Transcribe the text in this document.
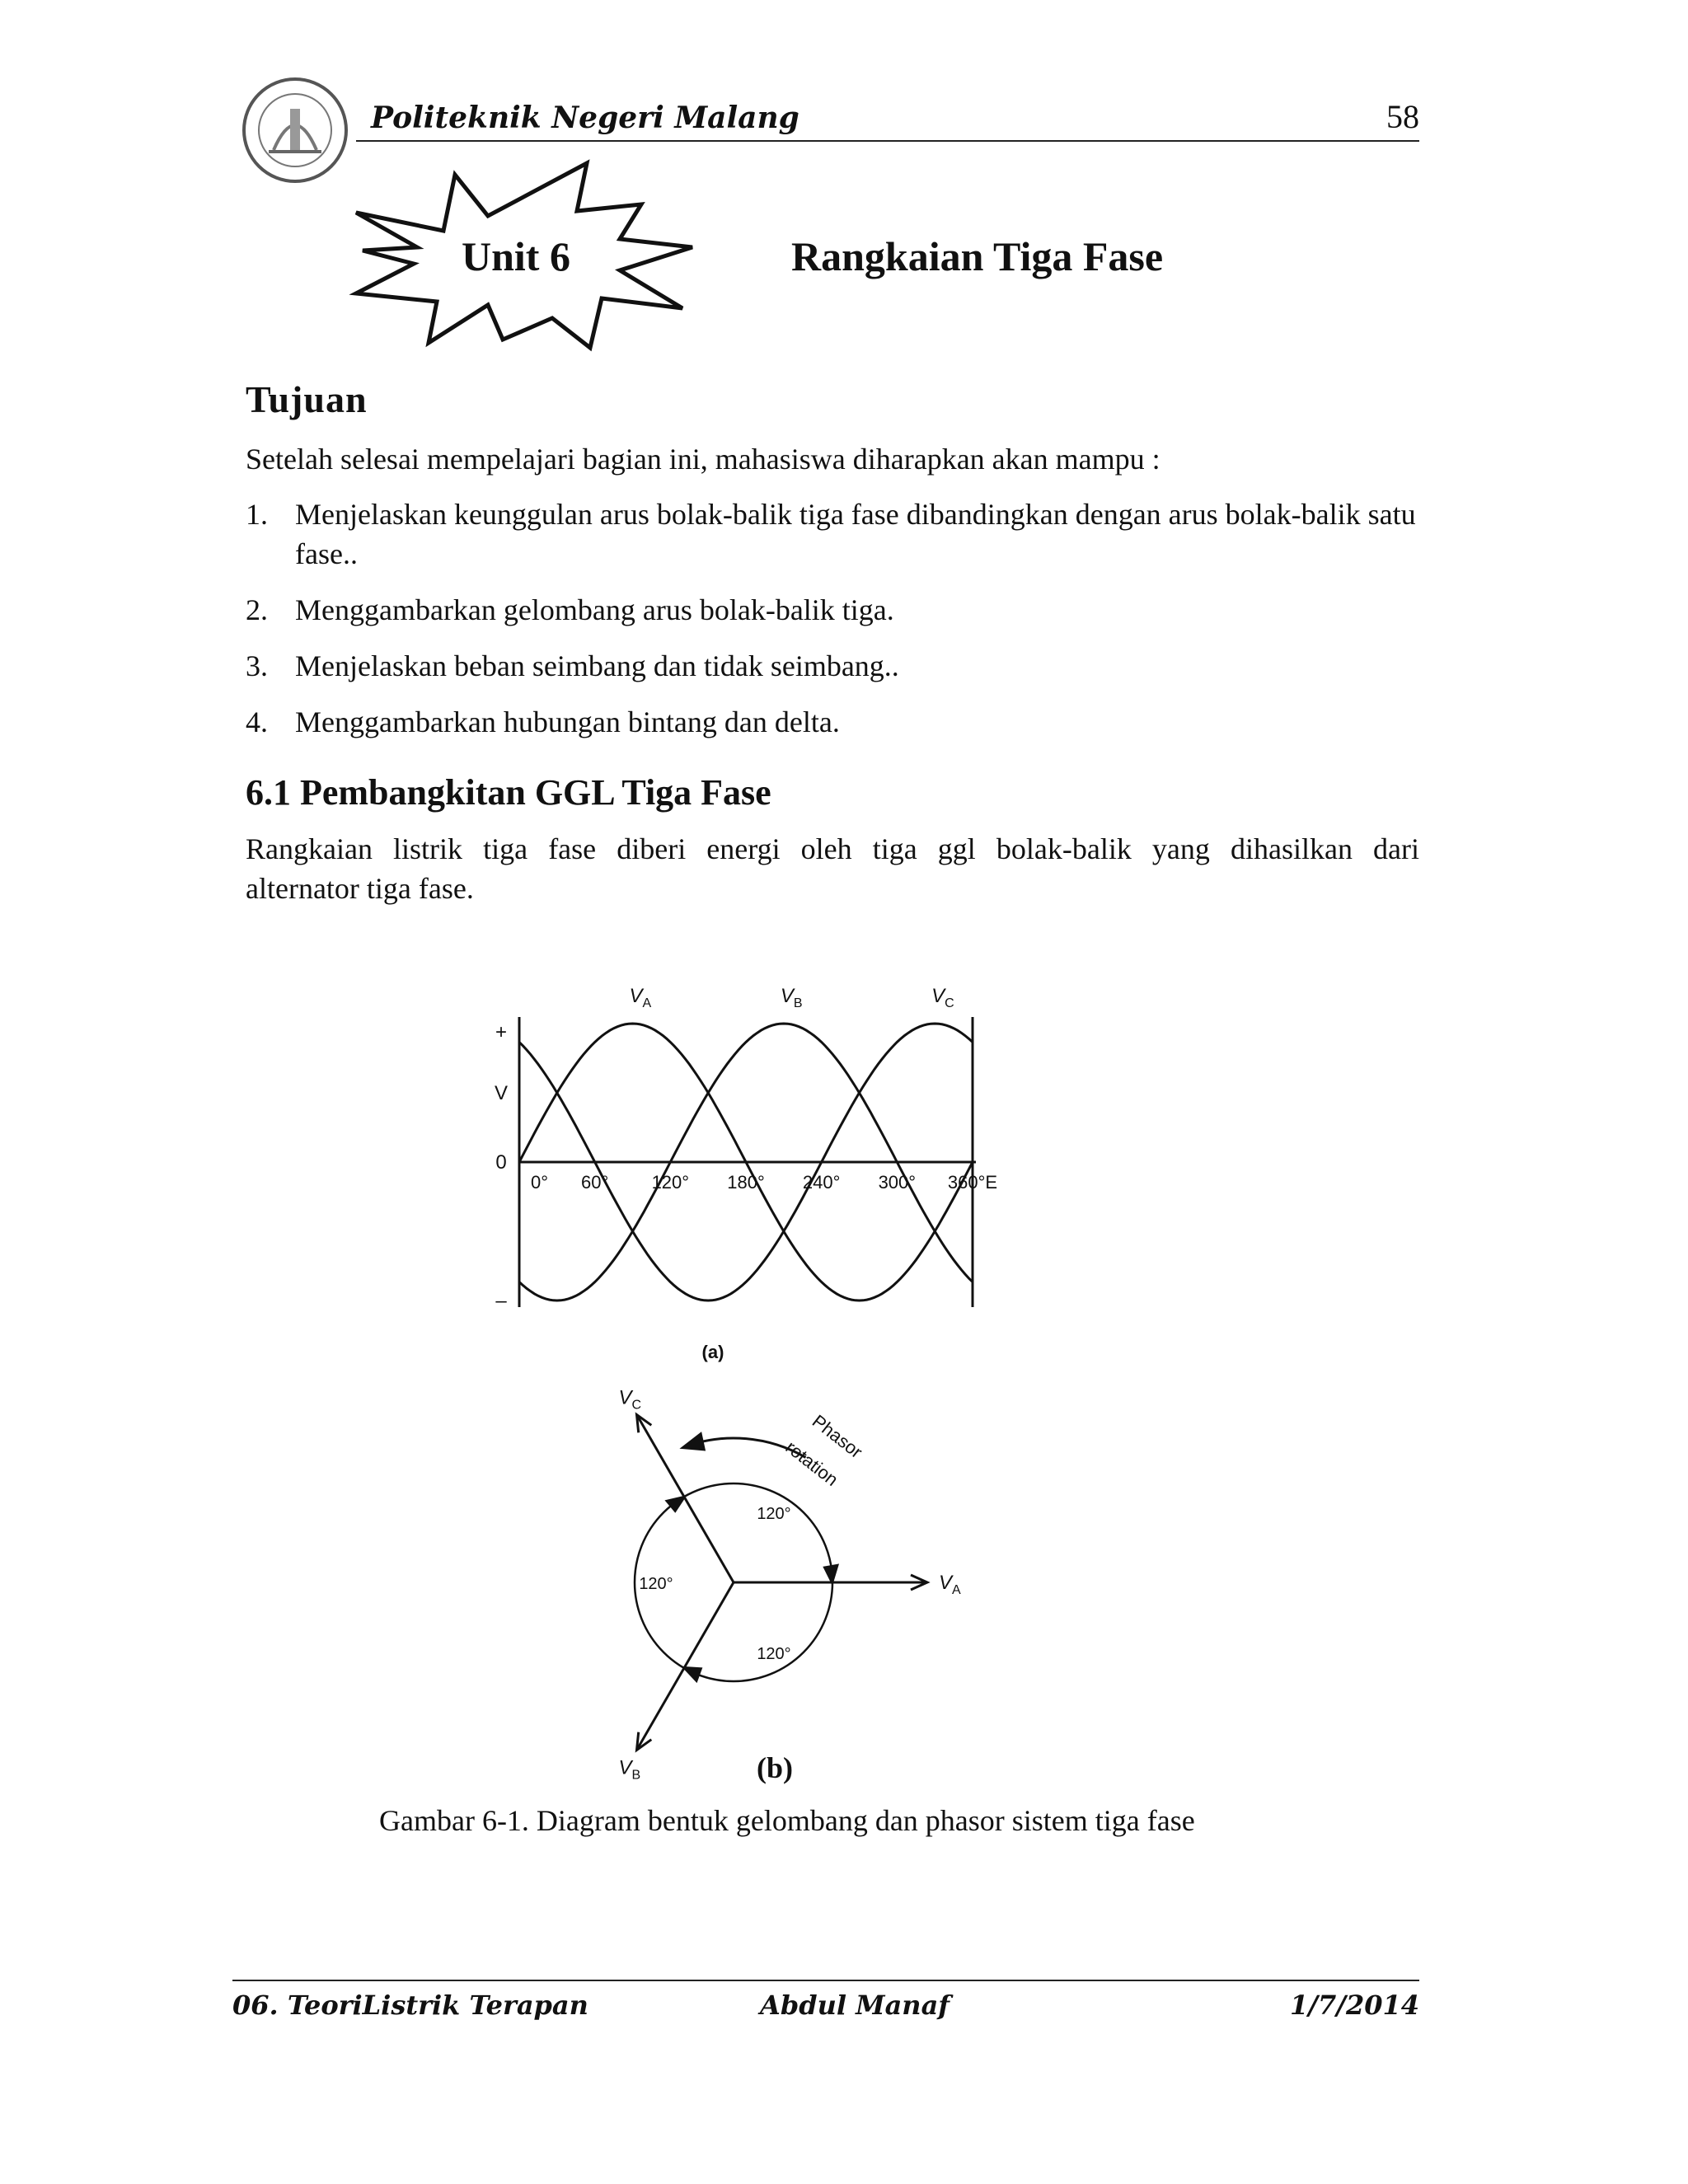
Politeknik Negeri Malang	58
Unit 6	Rangkaian Tiga Fase
Tujuan
Setelah selesai mempelajari bagian ini, mahasiswa diharapkan akan mampu :
1. Menjelaskan keunggulan arus bolak-balik tiga fase dibandingkan dengan arus bolak-balik satu fase..
2. Menggambarkan gelombang arus bolak-balik tiga.
3. Menjelaskan beban seimbang dan tidak seimbang..
4. Menggambarkan hubungan bintang dan delta.
6.1 Pembangkitan GGL Tiga Fase
Rangkaian listrik tiga fase diberi energi oleh tiga ggl bolak-balik yang dihasilkan dari
alternator tiga fase.
0° 60° 120° 180° 240° 300° 360°E
+
0
–
V
(a)
$V_A$	$V_B$	$V_C$
$V_A$
$V_B$
$V_C$
120°
120°
120°
Phasor
rotation
(b)
Gambar 6-1. Diagram bentuk gelombang dan phasor sistem tiga fase
06. TeoriListrik Terapan	Abdul Manaf	1/7/2014
